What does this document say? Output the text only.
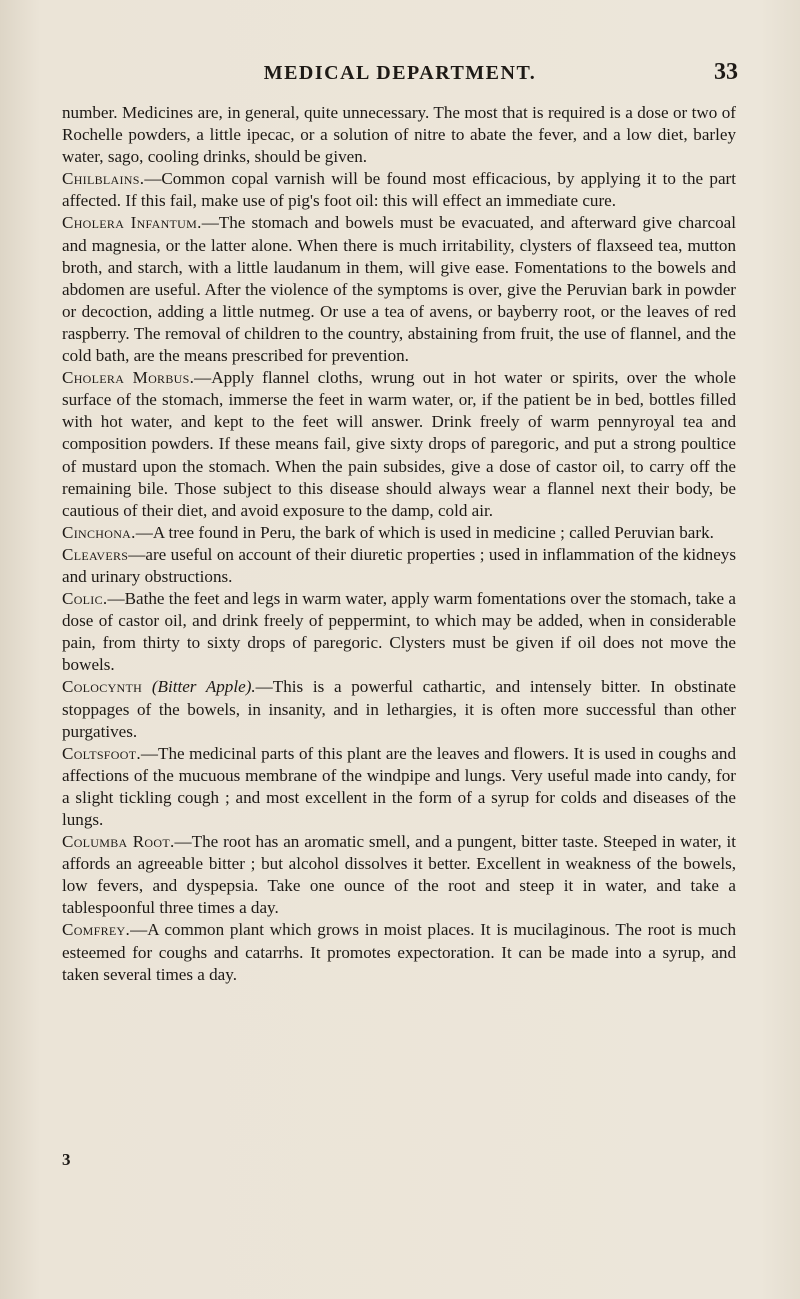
MEDICAL DEPARTMENT.	33

number. Medicines are, in general, quite unnecessary. The most that is required is a dose or two of Rochelle powders, a little ipecac, or a solution of nitre to abate the fever, and a low diet, barley water, sago, cooling drinks, should be given.

Chilblains.—Common copal varnish will be found most efficacious, by applying it to the part affected. If this fail, make use of pig's foot oil: this will effect an immediate cure.

Cholera Infantum.—The stomach and bowels must be evacuated, and afterward give charcoal and magnesia, or the latter alone. When there is much irritability, clysters of flaxseed tea, mutton broth, and starch, with a little laudanum in them, will give ease. Fomentations to the bowels and abdomen are useful. After the violence of the symptoms is over, give the Peruvian bark in powder or decoction, adding a little nutmeg. Or use a tea of avens, or bayberry root, or the leaves of red raspberry. The removal of children to the country, abstaining from fruit, the use of flannel, and the cold bath, are the means prescribed for prevention.

Cholera Morbus.—Apply flannel cloths, wrung out in hot water or spirits, over the whole surface of the stomach, immerse the feet in warm water, or, if the patient be in bed, bottles filled with hot water, and kept to the feet will answer. Drink freely of warm pennyroyal tea and composition powders. If these means fail, give sixty drops of paregoric, and put a strong poultice of mustard upon the stomach. When the pain subsides, give a dose of castor oil, to carry off the remaining bile. Those subject to this disease should always wear a flannel next their body, be cautious of their diet, and avoid exposure to the damp, cold air.

Cinchona.—A tree found in Peru, the bark of which is used in medicine ; called Peruvian bark.

Cleavers—are useful on account of their diuretic properties ; used in inflammation of the kidneys and urinary obstructions.

Colic.—Bathe the feet and legs in warm water, apply warm fomentations over the stomach, take a dose of castor oil, and drink freely of peppermint, to which may be added, when in considerable pain, from thirty to sixty drops of paregoric. Clysters must be given if oil does not move the bowels.

Colocynth (Bitter Apple).—This is a powerful cathartic, and intensely bitter. In obstinate stoppages of the bowels, in insanity, and in lethargies, it is often more successful than other purgatives.

Coltsfoot.—The medicinal parts of this plant are the leaves and flowers. It is used in coughs and affections of the mucuous membrane of the windpipe and lungs. Very useful made into candy, for a slight tickling cough ; and most excellent in the form of a syrup for colds and diseases of the lungs.

Columba Root.—The root has an aromatic smell, and a pungent, bitter taste. Steeped in water, it affords an agreeable bitter ; but alcohol dissolves it better. Excellent in weakness of the bowels, low fevers, and dyspepsia. Take one ounce of the root and steep it in water, and take a tablespoonful three times a day.

Comfrey.—A common plant which grows in moist places. It is mucilaginous. The root is much esteemed for coughs and catarrhs. It promotes expectoration. It can be made into a syrup, and taken several times a day.

3
